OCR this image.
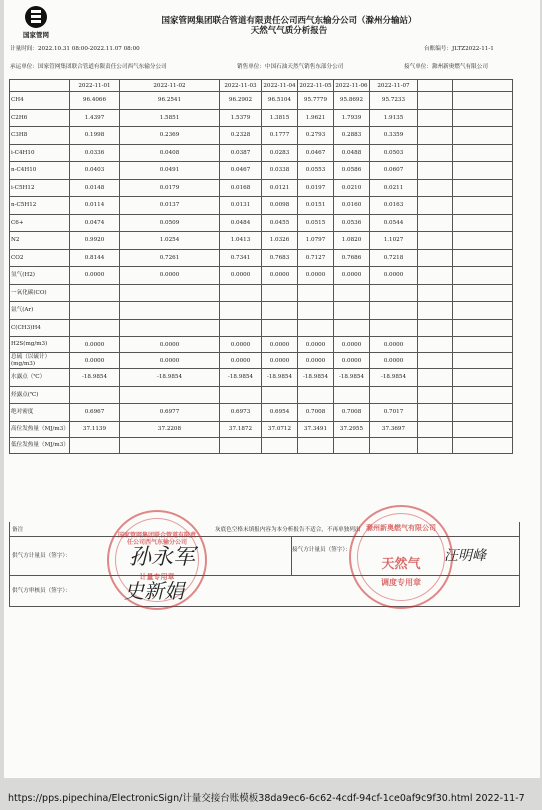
国家管网
国家管网集团联合管道有限责任公司西气东输分公司（滁州分输站）
天然气气质分析报告
计量时间：2022.10.31 08:00-2022.11.07 08:00	台账编号：JLTZ2022-11-1
承运单位：国家管网集团联合管道有限责任公司西气东输分公司	销售单位：中国石油天然气销售东部分公司	接气单位：滁州新奥燃气有限公司
	2022-11-01	2022-11-02	2022-11-03	2022-11-04	2022-11-05	2022-11-06	2022-11-07		
CH4	96.4066	96.2541	96.2902	96.5104	95.7779	95.8692	95.7233		
C2H6	1.4397	1.5851	1.5379	1.3815	1.9621	1.7939	1.9135		
C3H8	0.1998	0.2369	0.2328	0.1777	0.2793	0.2883	0.3359		
i-C4H10	0.0336	0.0408	0.0387	0.0283	0.0467	0.0488	0.0503		
n-C4H10	0.0403	0.0491	0.0467	0.0338	0.0553	0.0586	0.0607		
i-C5H12	0.0148	0.0179	0.0168	0.0121	0.0197	0.0210	0.0211		
n-C5H12	0.0114	0.0137	0.0131	0.0098	0.0151	0.0160	0.0163		
C6+	0.0474	0.0509	0.0484	0.0455	0.0515	0.0536	0.0544		
N2	0.9920	1.0254	1.0413	1.0326	1.0797	1.0820	1.1027		
CO2	0.8144	0.7261	0.7341	0.7683	0.7127	0.7686	0.7218		
氢气(H2)	0.0000	0.0000	0.0000	0.0000	0.0000	0.0000	0.0000		
一氧化碳(CO)									
氩气(Ar)									
C(CH3)H4									
H2S(mg/m3)	0.0000	0.0000	0.0000	0.0000	0.0000	0.0000	0.0000		
总硫（以硫计）(mg/m3)	0.0000	0.0000	0.0000	0.0000	0.0000	0.0000	0.0000		
水露点（℃）	-18.9854	-18.9854	-18.9854	-18.9854	-18.9854	-18.9854	-18.9854		
烃露点(℃)									
绝对密度	0.6967	0.6977	0.6973	0.6954	0.7008	0.7008	0.7017		
高位发热量（MJ/m3）	37.1139	37.2208	37.1872	37.0712	37.3491	37.2955	37.3697		
低位发热量（MJ/m3）									
备注	灰底色空格未填报内容为本分析报告不适合，不再单独列出
供气方计量员（签字）：
接气方计量员（签字）：
供气方审核员（签字）：
国家管网集团联合管道有限责任公司西气东输分公司
计量专用章
滁州新奥燃气有限公司
天然气
调度专用章
孙永军
史新娟
汪明峰
https://pps.pipechina/ElectronicSign/计量交接台账模板38da9ec6-6c62-4cdf-94cf-1ce0af9c9f30.html 2022-11-7
